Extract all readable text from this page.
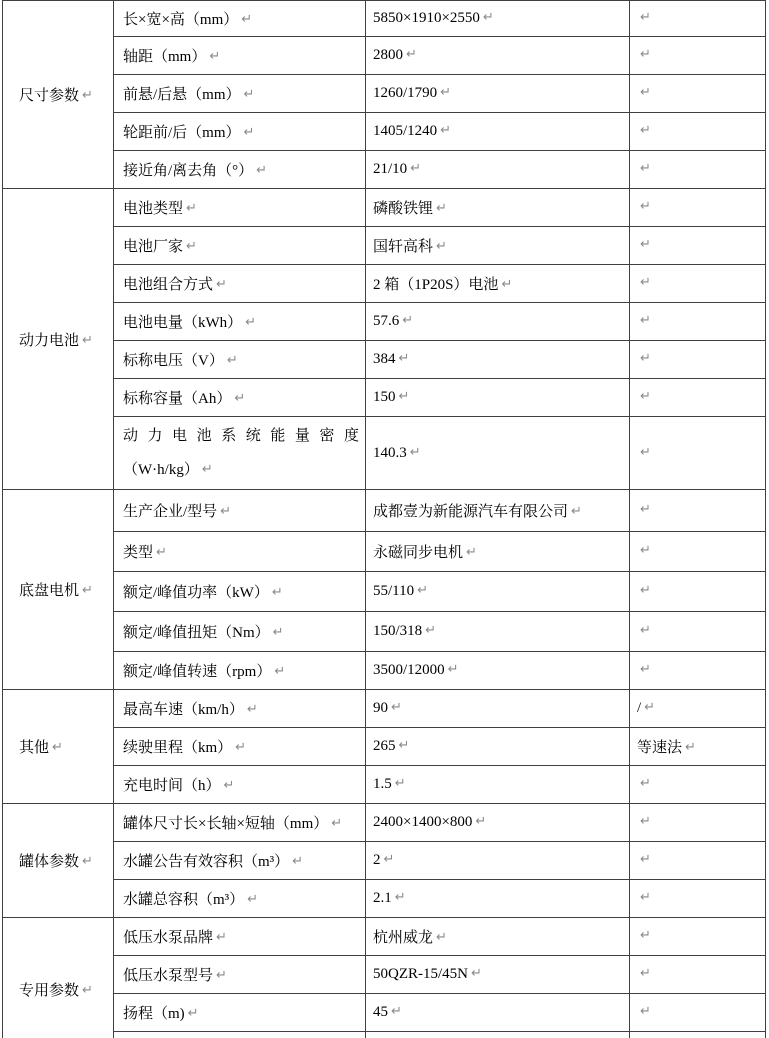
尺寸参数 ↵	长×宽×高（mm） ↵	5850×1910×2550 ↵	↵
	轴距（mm） ↵	2800 ↵	↵
	前悬/后悬（mm） ↵	1260/1790 ↵	↵
	轮距前/后（mm） ↵	1405/1240 ↵	↵
	接近角/离去角（°） ↵	21/10 ↵	↵
动力电池 ↵	电池类型 ↵	磷酸铁锂 ↵	↵
	电池厂家 ↵	国轩高科 ↵	↵
	电池组合方式 ↵	2 箱（1P20S）电池 ↵	↵
	电池电量（kWh） ↵	57.6 ↵	↵
	标称电压（V） ↵	384 ↵	↵
	标称容量（Ah） ↵	150 ↵	↵

	动力电池系统能量密度
（W·h/kg） ↵	140.3 ↵	↵
底盘电机 ↵	生产企业/型号 ↵	成都壹为新能源汽车有限公司 ↵	↵
	类型 ↵	永磁同步电机 ↵	↵
	额定/峰值功率（kW） ↵	55/110 ↵	↵
	额定/峰值扭矩（Nm） ↵	150/318 ↵	↵
	额定/峰值转速（rpm） ↵	3500/12000 ↵	↵
其他 ↵	最高车速（km/h） ↵	90 ↵	/ ↵
	续驶里程（km） ↵	265 ↵	等速法 ↵
	充电时间（h） ↵	1.5 ↵	↵
罐体参数 ↵	罐体尺寸长×长轴×短轴（mm） ↵	2400×1400×800 ↵	↵
	水罐公告有效容积（m³） ↵	2 ↵	↵
	水罐总容积（m³） ↵	2.1 ↵	↵
专用参数 ↵	低压水泵品牌 ↵	杭州威龙 ↵	↵
	低压水泵型号 ↵	50QZR-15/45N ↵	↵
	扬程（m) ↵	45 ↵	↵
